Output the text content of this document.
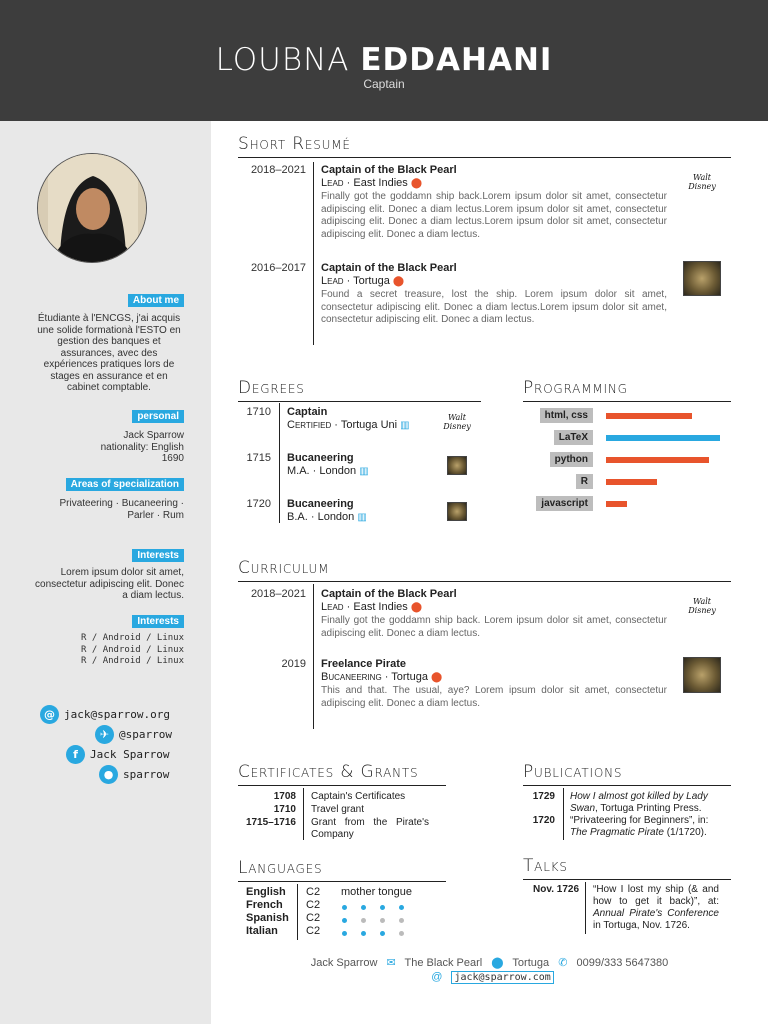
LOUBNA EDDAHANI
Captain
About me
Étudiante à l'ENCGS, j'ai acquis une solide formationà l'ESTO en gestion des banques et assurances, avec des expériences pratiques lors de stages en assurance et en cabinet comptable.
personal
Jack Sparrow
nationality: English
1690
Areas of specialization
Privateering · Bucaneering · Parler · Rum
Interests
Lorem ipsum dolor sit amet, consectetur adipiscing elit. Donec a diam lectus.
Interests
R / Android / Linux
R / Android / Linux
R / Android / Linux
@ jack@sparrow.org
✈ @sparrow
f	Jack Sparrow
● sparrow
Short Resumé
2018–2021 Captain of the Black Pearl
Lead · East Indies ⬤
Finally got the goddamn ship back.Lorem ipsum dolor sit amet, consectetur adipiscing elit. Donec a diam lectus.Lorem ipsum dolor sit amet, consectetur adipiscing elit. Donec a diam lectus.Lorem ipsum dolor sit amet, consectetur adipiscing elit. Donec a diam lectus.
Walt Disney
2016–2017 Captain of the Black Pearl
Lead · Tortuga ⬤
Found a secret treasure, lost the ship. Lorem ipsum dolor sit amet, consectetur adipiscing elit. Donec a diam lectus.Lorem ipsum dolor sit amet, consectetur adipiscing elit. Donec a diam lectus.
Degrees
1710 Captain
Certified · Tortuga Uni ▥
Walt Disney
1715 Bucaneering
M.A. · London ▥
1720 Bucaneering
B.A. · London ▥
Programming
html, css
LaTeX
python
R
javascript
Curriculum
2018–2021 Captain of the Black Pearl
Lead · East Indies ⬤
Finally got the goddamn ship back. Lorem ipsum dolor sit amet, consectetur adipiscing elit. Donec a diam lectus.
Walt Disney
2019 Freelance Pirate
Bucaneering · Tortuga ⬤
This and that. The usual, aye? Lorem ipsum dolor sit amet, consectetur adipiscing elit. Donec a diam lectus.
Certificates & Grants
1708 Captain's Certificates
1710 Travel grant
1715–1716 Grant from the Pirate's Company
Publications
1729 How I almost got killed by Lady Swan, Tortuga Printing Press.
1720 “Privateering for Beginners”, in: The Pragmatic Pirate (1/1720).
Languages
English C2 mother tongue
French C2
Spanish C2
Italian	C2
Talks
Nov. 1726 “How I lost my ship (& and how to get it back)”, at: Annual Pirate's Conference in Tortuga, Nov. 1726.
Jack Sparrow ✉ The Black Pearl ⬤ Tortuga ✆ 0099/333 5647380
@ jack@sparrow.com
